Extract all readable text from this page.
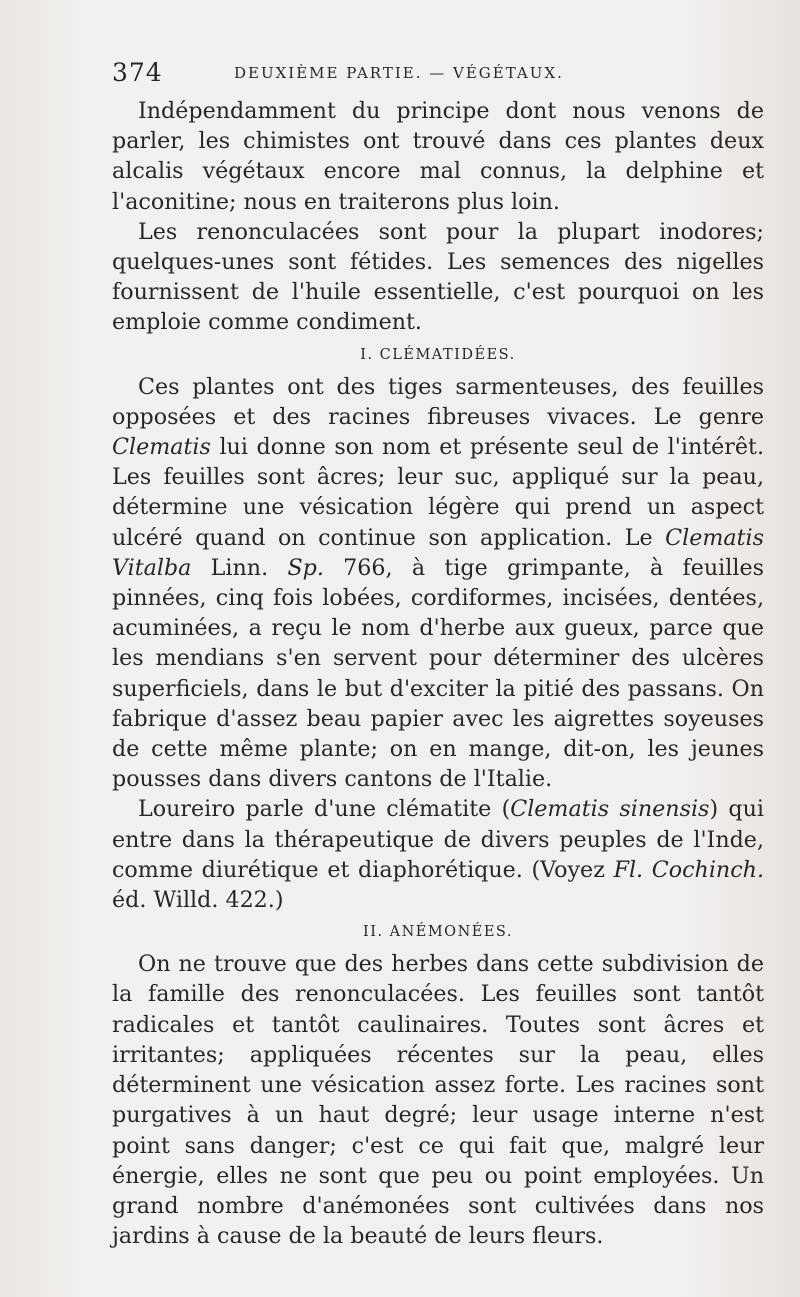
374	DEUXIÈME PARTIE. — VÉGÉTAUX.

Indépendamment du principe dont nous venons de parler, les chimistes ont trouvé dans ces plantes deux alcalis végétaux encore mal connus, la delphine et l'aconitine; nous en traiterons plus loin.

Les renonculacées sont pour la plupart inodores; quelques-unes sont fétides. Les semences des nigelles fournissent de l'huile essentielle, c'est pourquoi on les emploie comme condiment.

I. CLÉMATIDÉES.

Ces plantes ont des tiges sarmenteuses, des feuilles opposées et des racines fibreuses vivaces. Le genre Clematis lui donne son nom et présente seul de l'intérêt. Les feuilles sont âcres; leur suc, appliqué sur la peau, détermine une vésication légère qui prend un aspect ulcéré quand on continue son application. Le Clematis Vitalba Linn. Sp. 766, à tige grimpante, à feuilles pinnées, cinq fois lobées, cordiformes, incisées, dentées, acuminées, a reçu le nom d'herbe aux gueux, parce que les mendians s'en servent pour déterminer des ulcères superficiels, dans le but d'exciter la pitié des passans. On fabrique d'assez beau papier avec les aigrettes soyeuses de cette même plante; on en mange, dit-on, les jeunes pousses dans divers cantons de l'Italie.

Loureiro parle d'une clématite (Clematis sinensis) qui entre dans la thérapeutique de divers peuples de l'Inde, comme diurétique et diaphorétique. (Voyez Fl. Cochinch. éd. Willd. 422.)

II. ANÉMONÉES.

On ne trouve que des herbes dans cette subdivision de la famille des renonculacées. Les feuilles sont tantôt radicales et tantôt caulinaires. Toutes sont âcres et irritantes; appliquées récentes sur la peau, elles déterminent une vésication assez forte. Les racines sont purgatives à un haut degré; leur usage interne n'est point sans danger; c'est ce qui fait que, malgré leur énergie, elles ne sont que peu ou point employées. Un grand nombre d'anémonées sont cultivées dans nos jardins à cause de la beauté de leurs fleurs.
